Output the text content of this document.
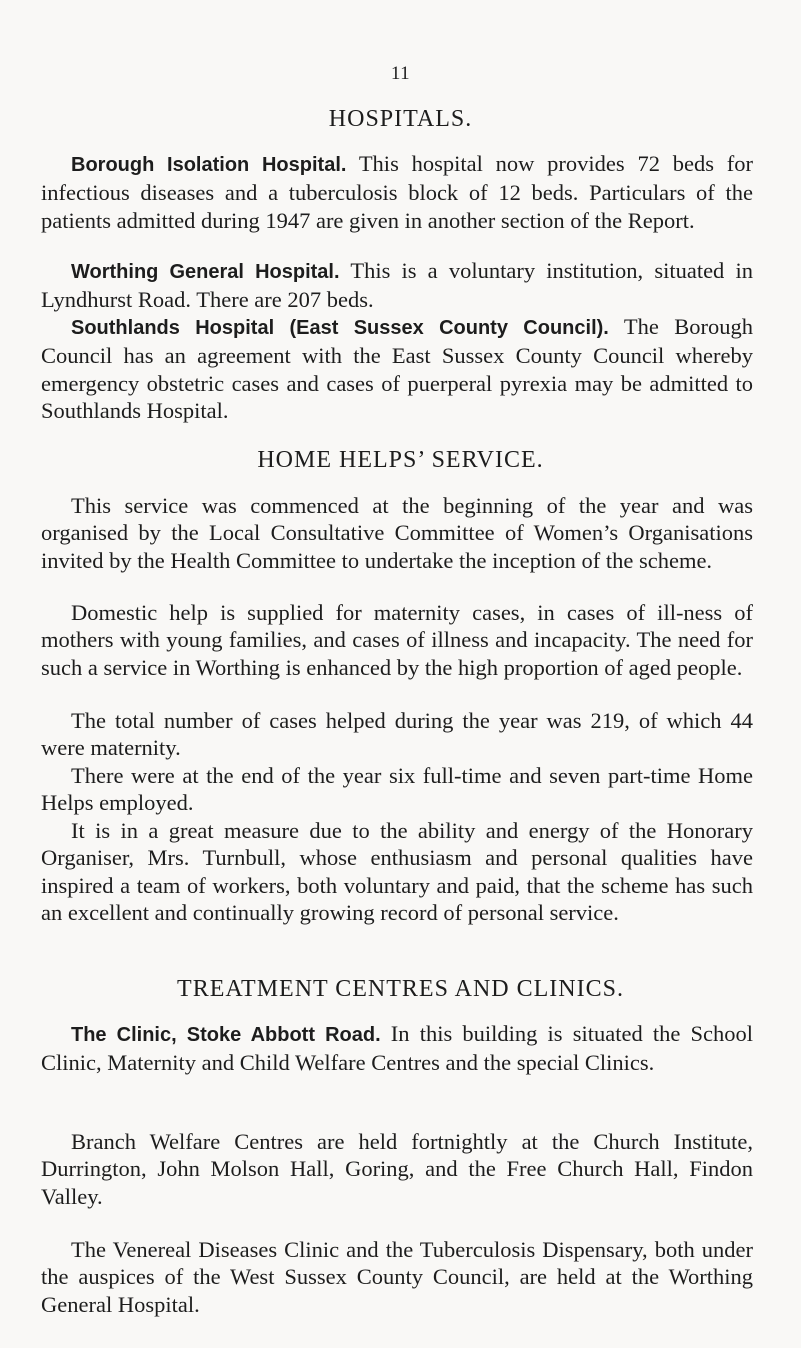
11
HOSPITALS.

Borough Isolation Hospital. This hospital now provides 72 beds for infectious diseases and a tuberculosis block of 12 beds. Particulars of the patients admitted during 1947 are given in another section of the Report.

Worthing General Hospital. This is a voluntary institution, situated in Lyndhurst Road. There are 207 beds.

Southlands Hospital (East Sussex County Council). The Borough Council has an agreement with the East Sussex County Council whereby emergency obstetric cases and cases of puerperal pyrexia may be admitted to Southlands Hospital.

HOME HELPS’ SERVICE.

This service was commenced at the beginning of the year and was organised by the Local Consultative Committee of Women’s Organisations invited by the Health Committee to undertake the inception of the scheme.

Domestic help is supplied for maternity cases, in cases of ill-ness of mothers with young families, and cases of illness and incapacity. The need for such a service in Worthing is enhanced by the high proportion of aged people.

The total number of cases helped during the year was 219, of which 44 were maternity.

There were at the end of the year six full-time and seven part-time Home Helps employed.

It is in a great measure due to the ability and energy of the Honorary Organiser, Mrs. Turnbull, whose enthusiasm and personal qualities have inspired a team of workers, both voluntary and paid, that the scheme has such an excellent and continually growing record of personal service.

TREATMENT CENTRES AND CLINICS.

The Clinic, Stoke Abbott Road. In this building is situated the School Clinic, Maternity and Child Welfare Centres and the special Clinics.

Branch Welfare Centres are held fortnightly at the Church Institute, Durrington, John Molson Hall, Goring, and the Free Church Hall, Findon Valley.

The Venereal Diseases Clinic and the Tuberculosis Dispensary, both under the auspices of the West Sussex County Council, are held at the Worthing General Hospital.
